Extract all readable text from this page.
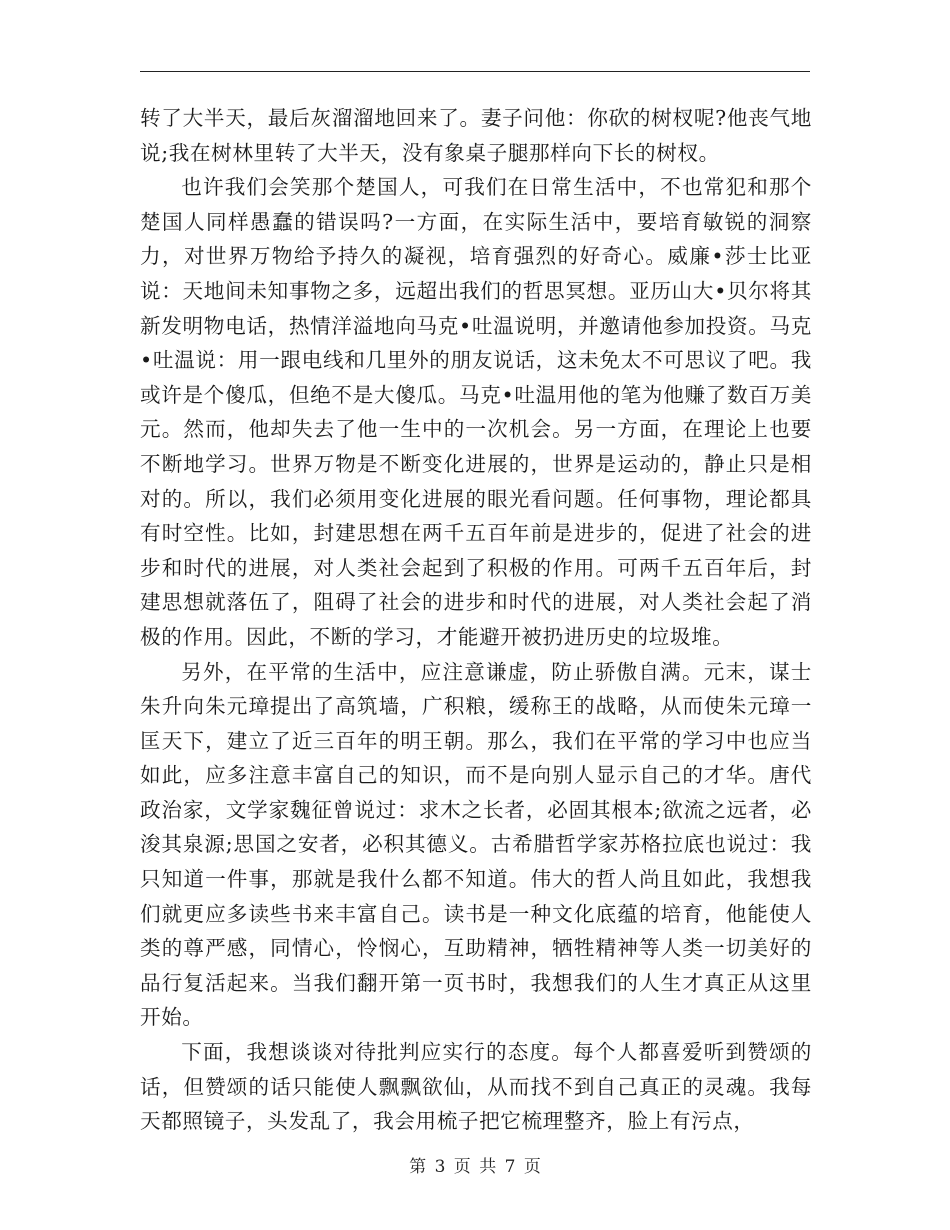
转了大半天，最后灰溜溜地回来了。妻子问他：你砍的树杈呢?他丧气地说;我在树林里转了大半天，没有象桌子腿那样向下长的树杈。

也许我们会笑那个楚国人，可我们在日常生活中，不也常犯和那个楚国人同样愚蠢的错误吗?一方面，在实际生活中，要培育敏锐的洞察力，对世界万物给予持久的凝视，培育强烈的好奇心。威廉•莎士比亚说：天地间未知事物之多，远超出我们的哲思冥想。亚历山大•贝尔将其新发明物电话，热情洋溢地向马克•吐温说明，并邀请他参加投资。马克•吐温说：用一跟电线和几里外的朋友说话，这未免太不可思议了吧。我或许是个傻瓜，但绝不是大傻瓜。马克•吐温用他的笔为他赚了数百万美元。然而，他却失去了他一生中的一次机会。另一方面，在理论上也要不断地学习。世界万物是不断变化进展的，世界是运动的，静止只是相对的。所以，我们必须用变化进展的眼光看问题。任何事物，理论都具有时空性。比如，封建思想在两千五百年前是进步的，促进了社会的进步和时代的进展，对人类社会起到了积极的作用。可两千五百年后，封建思想就落伍了，阻碍了社会的进步和时代的进展，对人类社会起了消极的作用。因此，不断的学习，才能避开被扔进历史的垃圾堆。

另外，在平常的生活中，应注意谦虚，防止骄傲自满。元末，谋士朱升向朱元璋提出了高筑墙，广积粮，缓称王的战略，从而使朱元璋一匡天下，建立了近三百年的明王朝。那么，我们在平常的学习中也应当如此，应多注意丰富自己的知识，而不是向别人显示自己的才华。唐代政治家，文学家魏征曾说过：求木之长者，必固其根本;欲流之远者，必浚其泉源;思国之安者，必积其德义。古希腊哲学家苏格拉底也说过：我只知道一件事，那就是我什么都不知道。伟大的哲人尚且如此，我想我们就更应多读些书来丰富自己。读书是一种文化底蕴的培育，他能使人类的尊严感，同情心，怜悯心，互助精神，牺牲精神等人类一切美好的品行复活起来。当我们翻开第一页书时，我想我们的人生才真正从这里开始。

下面，我想谈谈对待批判应实行的态度。每个人都喜爱听到赞颂的话，但赞颂的话只能使人飘飘欲仙，从而找不到自己真正的灵魂。我每天都照镜子，头发乱了，我会用梳子把它梳理整齐，脸上有污点，

第 3 页 共 7 页
